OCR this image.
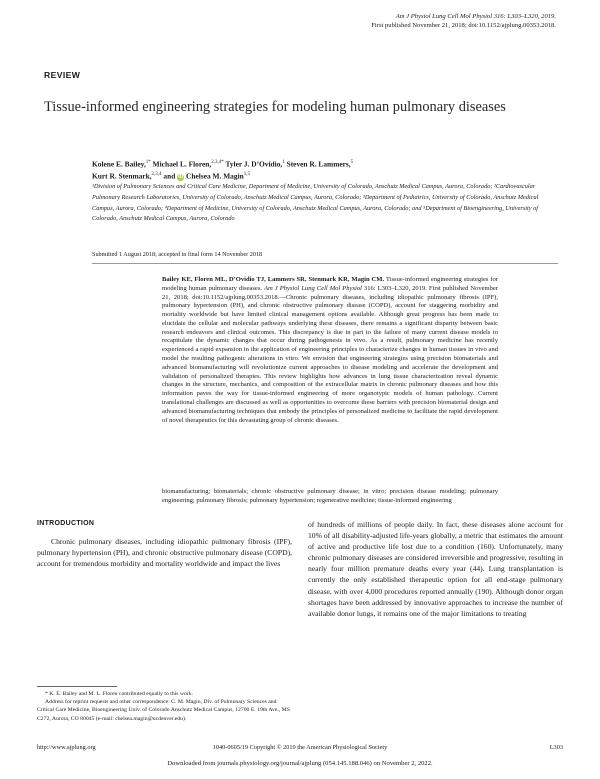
Am J Physiol Lung Cell Mol Physiol 316: L303–L320, 2019.
First published November 21, 2018; doi:10.1152/ajplung.00353.2018.
REVIEW
Tissue-informed engineering strategies for modeling human pulmonary diseases
Kolene E. Bailey,$^{1*}$ Michael L. Floren,$^{2,3,4*}$ Tyler J. D’Ovidio,$^1$ Steven R. Lammers,$^5$
Kurt R. Stenmark,$^{2,3,4}$ and iD Chelsea M. Magin$^{1,5}$
¹Division of Pulmonary Sciences and Critical Care Medicine, Department of Medicine, University of Colorado, Anschutz Medical Campus, Aurora, Colorado; ²Cardiovascular Pulmonary Research Laboratories, University of Colorado, Anschutz Medical Campus, Aurora, Colorado; ³Department of Pediatrics, University of Colorado, Anschutz Medical Campus, Aurora, Colorado; ⁴Department of Medicine, University of Colorado, Anschutz Medical Campus, Aurora, Colorado; and ⁵Department of Bioengineering, University of Colorado, Anschutz Medical Campus, Aurora, Colorado
Submitted 1 August 2018; accepted in final form 14 November 2018
Bailey KE, Floren ML, D’Ovidio TJ, Lammers SR, Stenmark KR, Magin CM. Tissue-informed engineering strategies for modeling human pulmonary diseases. Am J Physiol Lung Cell Mol Physiol 316: L303–L320, 2019. First published November 21, 2018; doi:10.1152/ajplung.00353.2018.—Chronic pulmonary diseases, including idiopathic pulmonary fibrosis (IPF), pulmonary hypertension (PH), and chronic obstructive pulmonary disease (COPD), account for staggering morbidity and mortality worldwide but have limited clinical management options available. Although great progress has been made to elucidate the cellular and molecular pathways underlying these diseases, there remains a significant disparity between basic research endeavors and clinical outcomes. This discrepancy is due in part to the failure of many current disease models to recapitulate the dynamic changes that occur during pathogenesis in vivo. As a result, pulmonary medicine has recently experienced a rapid expansion in the application of engineering principles to characterize changes in human tissues in vivo and model the resulting pathogenic alterations in vitro. We envision that engineering strategies using precision biomaterials and advanced biomanufacturing will revolutionize current approaches to disease modeling and accelerate the development and validation of personalized therapies. This review highlights how advances in lung tissue characterization reveal dynamic changes in the structure, mechanics, and composition of the extracellular matrix in chronic pulmonary diseases and how this information paves the way for tissue-informed engineering of more organotypic models of human pathology. Current translational challenges are discussed as well as opportunities to overcome these barriers with precision biomaterial design and advanced biomanufacturing techniques that embody the principles of personalized medicine to facilitate the rapid development of novel therapeutics for this devastating group of chronic diseases.
biomanufacturing; biomaterials; chronic obstructive pulmonary disease; in vitro; precision disease modeling; pulmonary engineering; pulmonary fibrosis; pulmonary hypertension; regenerative medicine; tissue-informed engineering
INTRODUCTION
Chronic pulmonary diseases, including idiopathic pulmonary fibrosis (IPF), pulmonary hypertension (PH), and chronic obstructive pulmonary disease (COPD), account for tremendous morbidity and mortality worldwide and impact the lives
of hundreds of millions of people daily. In fact, these diseases alone account for 10% of all disability-adjusted life-years globally, a metric that estimates the amount of active and productive life lost due to a condition (160). Unfortunately, many chronic pulmonary diseases are considered irreversible and progressive, resulting in nearly four million premature deaths every year (44). Lung transplantation is currently the only established therapeutic option for all end-stage pulmonary disease, with over 4,000 procedures reported annually (190). Although donor organ shortages have been addressed by innovative approaches to increase the number of available donor lungs, it remains one of the major limitations to treating

* K. E. Bailey and M. L. Floren contributed equally to this work.

Address for reprint requests and other correspondence: C. M. Magin, Div. of Pulmonary Sciences and Critical Care Medicine, Bioengineering Univ. of Colorado Anschutz Medical Campus, 12700 E. 19th Ave., MS C272, Aurora, CO 80045 (e-mail: chelsea.magin@ucdenver.edu).

http://www.ajplung.org	1040-0605/19 Copyright © 2019 the American Physiological Society	L303
Downloaded from journals.physiology.org/journal/ajplung (054.145.188.046) on November 2, 2022.
